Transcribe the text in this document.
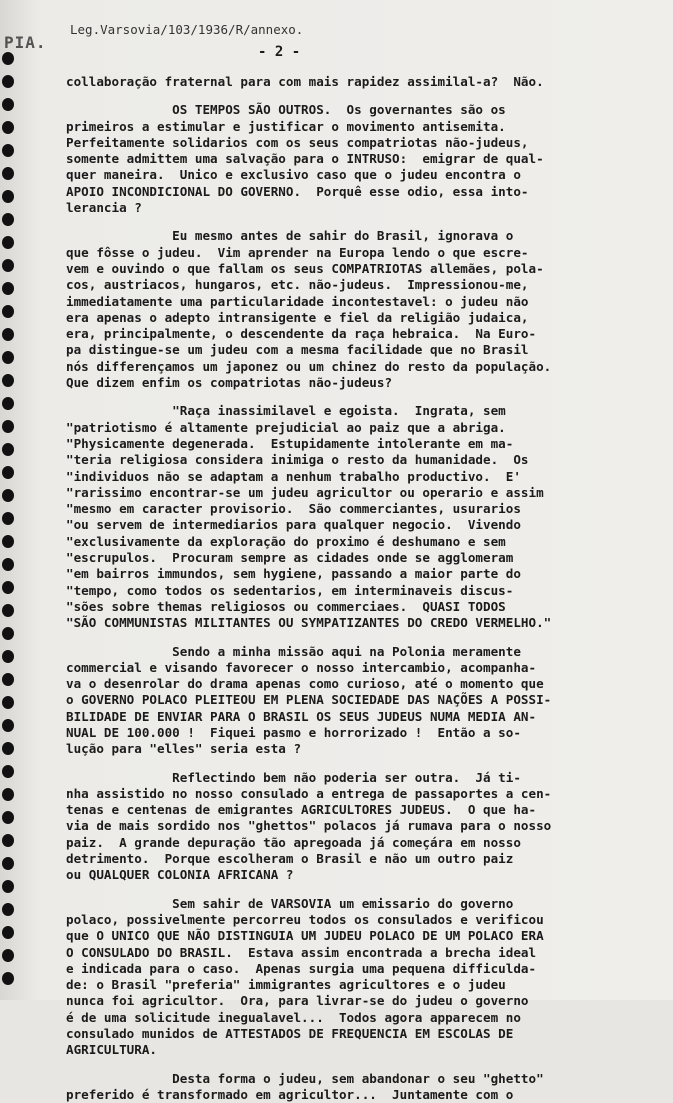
PIA.
Leg.Varsovia/103/1936/R/annexo.
- 2 -
collaboração fraternal para com mais rapidez assimilal-a?  Não.
OS TEMPOS SÃO OUTROS.  Os governantes são os
primeiros a estimular e justificar o movimento antisemita.
Perfeitamente solidarios com os seus compatriotas não-judeus,
somente admittem uma salvação para o INTRUSO:  emigrar de qual-
quer maneira.  Unico e exclusivo caso que o judeu encontra o
APOIO INCONDICIONAL DO GOVERNO.  Porquê esse odio, essa into-
lerancia ?
Eu mesmo antes de sahir do Brasil, ignorava o
que fôsse o judeu.  Vim aprender na Europa lendo o que escre-
vem e ouvindo o que fallam os seus COMPATRIOTAS allemães, pola-
cos, austriacos, hungaros, etc. não-judeus.  Impressionou-me,
immediatamente uma particularidade incontestavel: o judeu não
era apenas o adepto intransigente e fiel da religião judaica,
era, principalmente, o descendente da raça hebraica.  Na Euro-
pa distingue-se um judeu com a mesma facilidade que no Brasil
nós differençamos um japonez ou um chinez do resto da população.
Que dizem enfim os compatriotas não-judeus?
"Raça inassimilavel e egoista.  Ingrata, sem
"patriotismo é altamente prejudicial ao paiz que a abriga.
"Physicamente degenerada.  Estupidamente intolerante em ma-
"teria religiosa considera inimiga o resto da humanidade.  Os
"individuos não se adaptam a nenhum trabalho productivo.  E'
"rarissimo encontrar-se um judeu agricultor ou operario e assim
"mesmo em caracter provisorio.  São commerciantes, usurarios
"ou servem de intermediarios para qualquer negocio.  Vivendo
"exclusivamente da exploração do proximo é deshumano e sem
"escrupulos.  Procuram sempre as cidades onde se agglomeram
"em bairros immundos, sem hygiene, passando a maior parte do
"tempo, como todos os sedentarios, em interminaveis discus-
"sões sobre themas religiosos ou commerciaes.  QUASI TODOS
"SÃO COMMUNISTAS MILITANTES OU SYMPATIZANTES DO CREDO VERMELHO."
Sendo a minha missão aqui na Polonia meramente
commercial e visando favorecer o nosso intercambio, acompanha-
va o desenrolar do drama apenas como curioso, até o momento que
o GOVERNO POLACO PLEITEOU EM PLENA SOCIEDADE DAS NAÇÕES A POSSI-
BILIDADE DE ENVIAR PARA O BRASIL OS SEUS JUDEUS NUMA MEDIA AN-
NUAL DE 100.000 !  Fiquei pasmo e horrorizado !  Então a so-
lução para "elles" seria esta ?
Reflectindo bem não poderia ser outra.  Já ti-
nha assistido no nosso consulado a entrega de passaportes a cen-
tenas e centenas de emigrantes AGRICULTORES JUDEUS.  O que ha-
via de mais sordido nos "ghettos" polacos já rumava para o nosso
paiz.  A grande depuração tão apregoada já começára em nosso
detrimento.  Porque escolheram o Brasil e não um outro paiz
ou QUALQUER COLONIA AFRICANA ?
Sem sahir de VARSOVIA um emissario do governo
polaco, possivelmente percorreu todos os consulados e verificou
que O UNICO QUE NÃO DISTINGUIA UM JUDEU POLACO DE UM POLACO ERA
O CONSULADO DO BRASIL.  Estava assim encontrada a brecha ideal
e indicada para o caso.  Apenas surgia uma pequena difficulda-
de: o Brasil "preferia" immigrantes agricultores e o judeu
nunca foi agricultor.  Ora, para livrar-se do judeu o governo
é de uma solicitude inegualavel...  Todos agora apparecem no
consulado munidos de ATTESTADOS DE FREQUENCIA EM ESCOLAS DE
AGRICULTURA.
Desta forma o judeu, sem abandonar o seu "ghetto"
preferido é transformado em agricultor...  Juntamente com o
